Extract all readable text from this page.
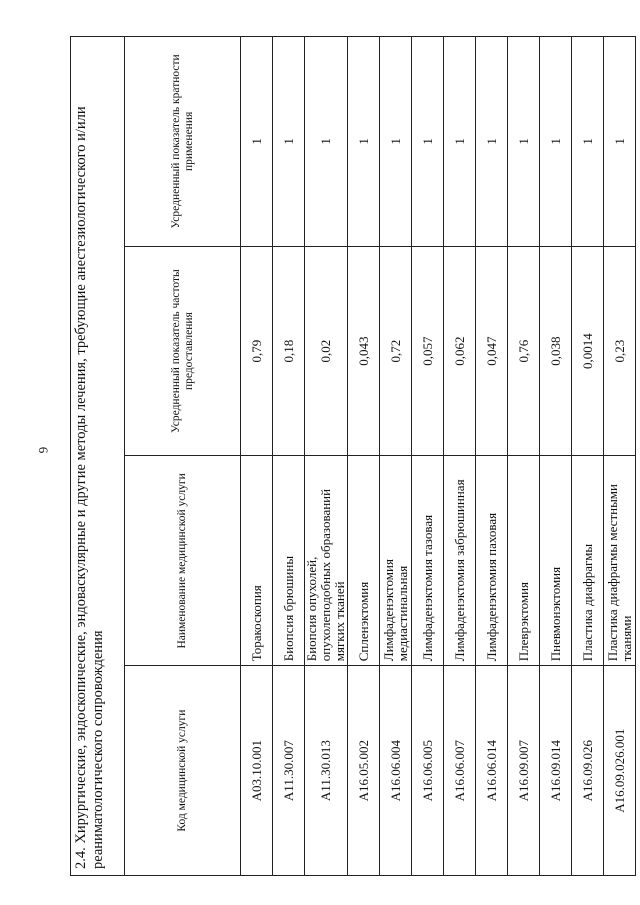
6 2.4. Хирургические, эндоскопические, эндоваскулярные и другие методы лечения, требующие анестезиологического и/или реаниматологического сопровождения			
Код медицинской услуги	Наименование медицинской услуги	Усредненный показатель частоты предоставления	Усредненный показатель кратности применения
A03.10.001	Торакоскопия	0,79	1
A11.30.007	Биопсия брюшины	0,18	1
A11.30.013	Биопсия опухолей, опухолеподобных образований мягких тканей	0,02	1
A16.05.002	Спленэктомия	0,043	1
A16.06.004	Лимфаденэктомия медиастинальная	0,72	1
A16.06.005	Лимфаденэктомия тазовая	0,057	1
A16.06.007	Лимфаденэктомия забрюшинная	0,062	1
A16.06.014	Лимфаденэктомия паховая	0,047	1
A16.09.007	Плеврэктомия	0,76	1
A16.09.014	Пневмонэктомия	0,038	1
A16.09.026	Пластика диафрагмы	0,0014	1
A16.09.026.001	Пластика диафрагмы местными тканями	0,23	1
